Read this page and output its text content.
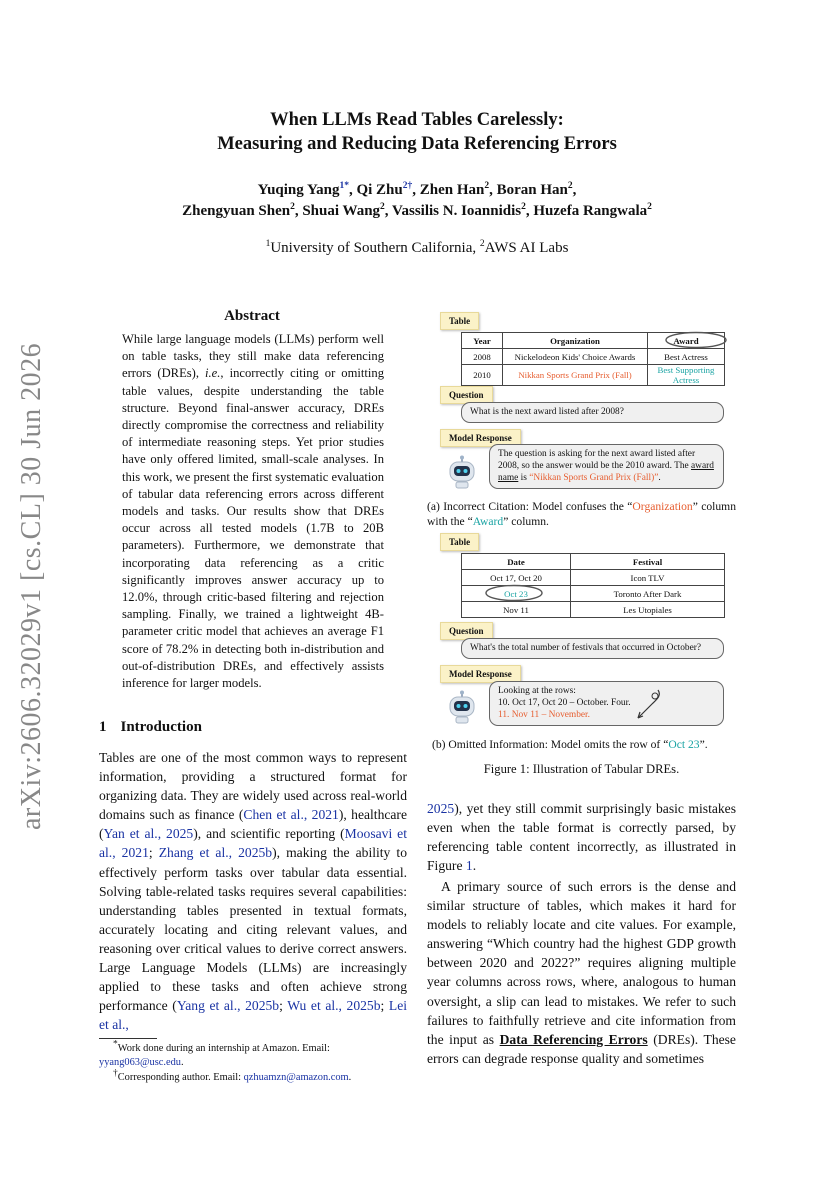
When LLMs Read Tables Carelessly:
Measuring and Reducing Data Referencing Errors
Yuqing Yang$^{1*}$, Qi Zhu$^{2\dagger}$, Zhen Han$^2$, Boran Han$^2$,
Zhengyuan Shen$^2$, Shuai Wang$^2$, Vassilis N. Ioannidis$^2$, Huzefa Rangwala$^2$
$^1$University of Southern California, $^2$AWS AI Labs
arXiv:2606.32029v1 [cs.CL] 30 Jun 2026
Abstract
While large language models (LLMs) perform well on table tasks, they still make data referencing errors (DREs), i.e., incorrectly citing or omitting table values, despite understanding the table structure. Beyond final-answer accuracy, DREs directly compromise the correctness and reliability of intermediate reasoning steps. Yet prior studies have only offered limited, small-scale analyses. In this work, we present the first systematic evaluation of tabular data referencing errors across different models and tasks. Our results show that DREs occur across all tested models (1.7B to 20B parameters). Furthermore, we demonstrate that incorporating data referencing as a critic significantly improves answer accuracy up to 12.0%, through critic-based filtering and rejection sampling. Finally, we trained a lightweight 4B-parameter critic model that achieves an average F1 score of 78.2% in detecting both in-distribution and out-of-distribution DREs, and effectively assists inference for larger models.
1 Introduction
Tables are one of the most common ways to represent information, providing a structured format for organizing data. They are widely used across real-world domains such as finance (Chen et al., 2021), healthcare (Yan et al., 2025), and scientific reporting (Moosavi et al., 2021; Zhang et al., 2025b), making the ability to effectively perform tasks over tabular data essential. Solving table-related tasks requires several capabilities: understanding tables presented in textual formats, accurately locating and citing relevant values, and reasoning over critical values to derive correct answers. Large Language Models (LLMs) are increasingly applied to these tasks and often achieve strong performance (Yang et al., 2025b; Wu et al., 2025b; Lei et al.,
*Work done during an internship at Amazon. Email: yyang063@usc.edu.
†Corresponding author. Email: qzhuamzn@amazon.com.
2025), yet they still commit surprisingly basic mistakes even when the table format is correctly parsed, by referencing table content incorrectly, as illustrated in Figure 1.

A primary source of such errors is the dense and similar structure of tables, which makes it hard for models to reliably locate and cite values. For example, answering “Which country had the highest GDP growth between 2020 and 2022?” requires aligning multiple year columns across rows, where, analogous to human oversight, a slip can lead to mistakes. We refer to such failures to faithfully retrieve and cite information from the input as Data Referencing Errors (DREs). These errors can degrade response quality and sometimes

Table
Year	Organization	Award

2008	Nickelodeon Kids' Choice Awards	Best Actress
2010	Nikkan Sports Grand Prix (Fall)	Best Supporting Actress
Question
What is the next award listed after 2008?
Model Response
The question is asking for the next award listed after 2008, so the answer would be the 2010 award. The award name is “Nikkan Sports Grand Prix (Fall)”.
(a) Incorrect Citation: Model confuses the “Organization” column with the “Award” column.
Table
Date	Festival
Oct 17, Oct 20	Icon TLV
Oct 23	Toronto After Dark
Nov 11	Les Utopiales
Question
What's the total number of festivals that occurred in October?
Model Response
Looking at the rows:
10. Oct 17, Oct 20 – October. Four.
11. Nov 11 – November.
(b) Omitted Information: Model omits the row of “Oct 23”.
Figure 1: Illustration of Tabular DREs.
